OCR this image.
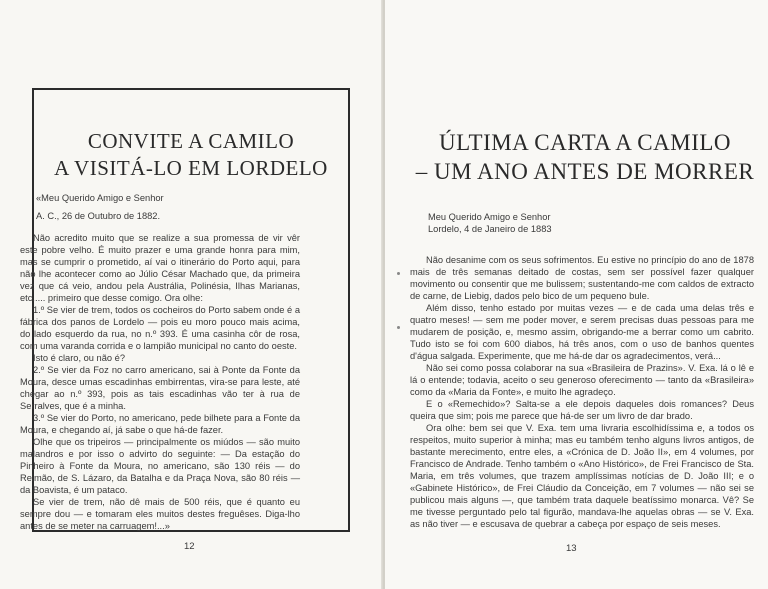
CONVITE A CAMILO
A VISITÁ-LO EM LORDELO
«Meu Querido Amigo e Senhor
A. C., 26 de Outubro de 1882.

Não acredito muito que se realize a sua promessa de vir vêr este pobre velho. É muito prazer e uma grande honra para mim, mas se cumprir o prometido, aí vai o itinerário do Porto aqui, para não lhe acontecer como ao Júlio César Machado que, da primeira vez que cá veio, andou pela Austrália, Polinésia, Ilhas Marianas, etc..... primeiro que desse comigo. Ora olhe:

1.º Se vier de trem, todos os cocheiros do Porto sabem onde é a fábrica dos panos de Lordelo — pois eu moro pouco mais acima, do lado esquerdo da rua, no n.º 393. É uma casinha côr de rosa, com uma varanda corrida e o lampião municipal no canto do oeste.

Isto é claro, ou não é?

2.º Se vier da Foz no carro americano, sai à Ponte da Fonte da Moura, desce umas escadinhas embirrentas, vira-se para leste, até chegar ao n.º 393, pois as tais escadinhas vão ter à rua de Serralves, que é a minha.

3.º Se vier do Porto, no americano, pede bilhete para a Fonte da Moura, e chegando aí, já sabe o que há-de fazer.

Olhe que os tripeiros — principalmente os miúdos — são muito malandros e por isso o advirto do seguinte: — Da estação do Pinheiro à Fonte da Moura, no americano, são 130 réis — do Reimão, de S. Lázaro, da Batalha e da Praça Nova, são 80 réis — da Boavista, é um pataco.

Se vier de trem, não dê mais de 500 réis, que é quanto eu sempre dou — e tomaram eles muitos destes freguêses. Diga-lho antes de se meter na carruagem!...»

12
ÚLTIMA CARTA A CAMILO
– UM ANO ANTES DE MORRER
Meu Querido Amigo e Senhor
Lordelo, 4 de Janeiro de 1883

Não desanime com os seus sofrimentos. Eu estive no princípio do ano de 1878 mais de três semanas deitado de costas, sem ser possível fazer qualquer movimento ou consentir que me bulissem; sustentando-me com caldos de extracto de carne, de Liebig, dados pelo bico de um pequeno bule.

Além disso, tenho estado por muitas vezes — e de cada uma delas três e quatro meses! — sem me poder mover, e serem precisas duas pessoas para me mudarem de posição, e, mesmo assim, obrigando-me a berrar como um cabrito. Tudo isto se foi com 600 diabos, há três anos, com o uso de banhos quentes d'água salgada. Experimente, que me há-de dar os agradecimentos, verá...

Não sei como possa colaborar na sua «Brasileira de Prazins». V. Exa. lá o lê e lá o entende; todavia, aceito o seu generoso oferecimento — tanto da «Brasileira» como da «Maria da Fonte», e muito lhe agradeço.

E o «Remechido»? Salta-se a ele depois daqueles dois romances? Deus queira que sim; pois me parece que há-de ser um livro de dar brado.

Ora olhe: bem sei que V. Exa. tem uma livraria escolhidíssima e, a todos os respeitos, muito superior à minha; mas eu também tenho alguns livros antigos, de bastante merecimento, entre eles, a «Crónica de D. João II», em 4 volumes, por Francisco de Andrade. Tenho também o «Ano Histórico», de Frei Francisco de Sta. Maria, em três volumes, que trazem amplíssimas notícias de D. João III; e o «Gabinete Histórico», de Frei Cláudio da Conceição, em 7 volumes — não sei se publicou mais alguns —, que também trata daquele beatíssimo monarca. Vê? Se me tivesse perguntado pelo tal figurão, mandava-lhe aquelas obras — se V. Exa. as não tiver — e escusava de quebrar a cabeça por espaço de seis meses.

13
